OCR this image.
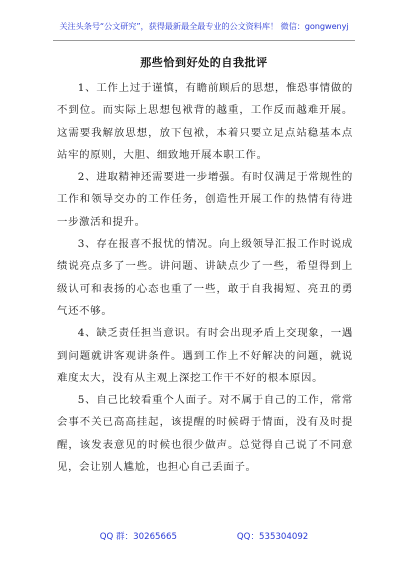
关注头条号“公文研究”，获得最新最全最专业的公文资料库！ 微信：gongwenyj
那些恰到好处的自我批评

1、工作上过于谨慎，有瞻前顾后的思想，惟恐事情做的不到位。而实际上思想包袱背的越重，工作反而越难开展。这需要我解放思想，放下包袱，本着只要立足点站稳基本点站牢的原则，大胆、细致地开展本职工作。

2、进取精神还需要进一步增强。有时仅满足于常规性的工作和领导交办的工作任务，创造性开展工作的热情有待进一步激活和提升。

3、存在报喜不报忧的情况。向上级领导汇报工作时说成绩说亮点多了一些。讲问题、讲缺点少了一些，希望得到上级认可和表扬的心态也重了一些，敢于自我揭短、亮丑的勇气还不够。

4、缺乏责任担当意识。有时会出现矛盾上交现象，一遇到问题就讲客观讲条件。遇到工作上不好解决的问题，就说难度太大，没有从主观上深挖工作干不好的根本原因。

5、自己比较看重个人面子。对不属于自己的工作，常常会事不关已高高挂起，该提醒的时候碍于情面，没有及时提醒，该发表意见的时候也很少做声。总觉得自己说了不同意见，会让别人尴尬，也担心自己丢面子。

QQ 群：30265665	QQ：535304092
